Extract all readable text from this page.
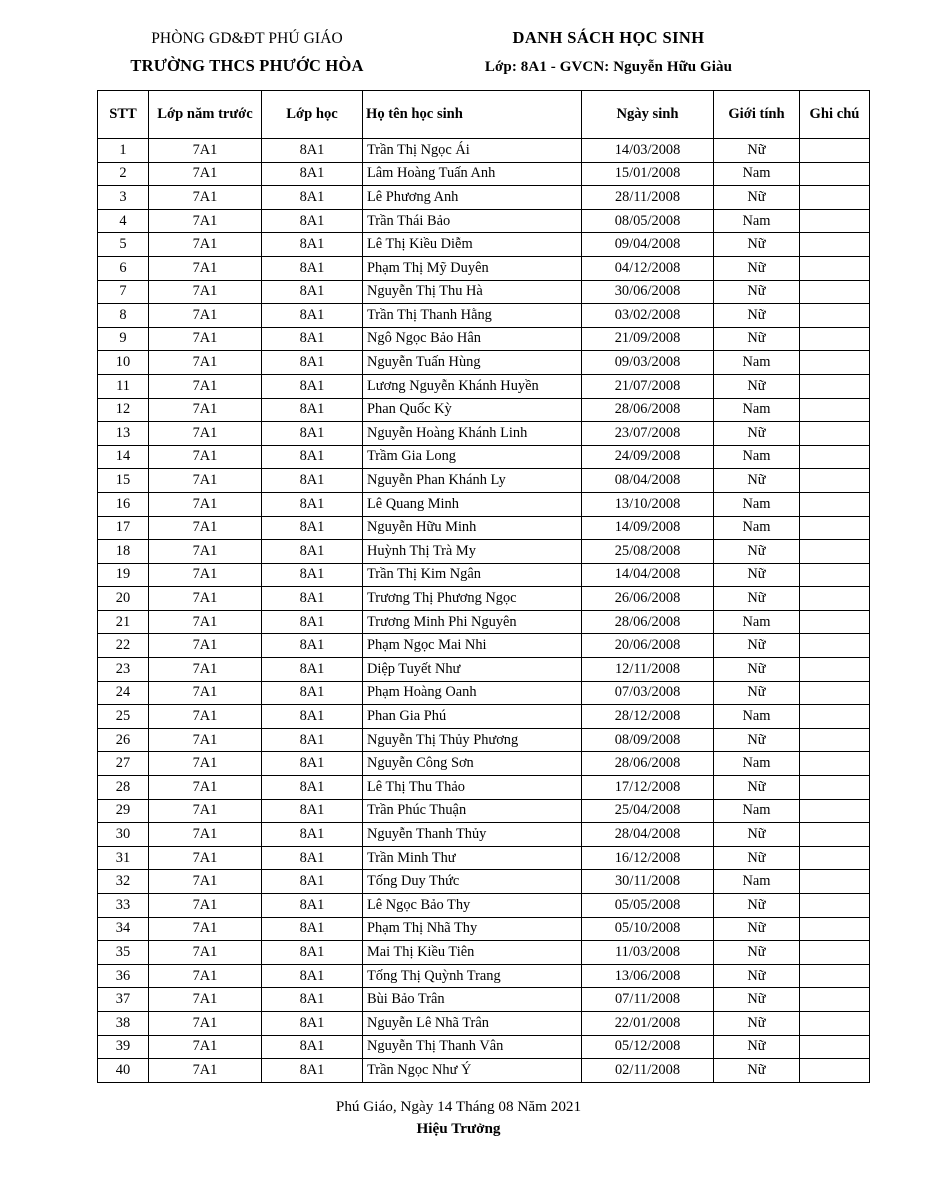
PHÒNG GD&ĐT PHÚ GIÁO	DANH SÁCH HỌC SINH
TRƯỜNG THCS PHƯỚC HÒA	Lớp: 8A1 - GVCN: Nguyễn Hữu Giàu
STT	Lớp năm trước	Lớp học	Họ tên học sinh	Ngày sinh	Giới tính	Ghi chú
1	7A1	8A1	Trần Thị Ngọc Ái	14/03/2008	Nữ	
2	7A1	8A1	Lâm Hoàng Tuấn Anh	15/01/2008	Nam	
3	7A1	8A1	Lê Phương Anh	28/11/2008	Nữ	
4	7A1	8A1	Trần Thái Bảo	08/05/2008	Nam	
5	7A1	8A1	Lê Thị Kiều Diễm	09/04/2008	Nữ	
6	7A1	8A1	Phạm Thị Mỹ Duyên	04/12/2008	Nữ	
7	7A1	8A1	Nguyễn Thị Thu Hà	30/06/2008	Nữ	
8	7A1	8A1	Trần Thị Thanh Hằng	03/02/2008	Nữ	
9	7A1	8A1	Ngô Ngọc Bảo Hân	21/09/2008	Nữ	
10	7A1	8A1	Nguyễn Tuấn Hùng	09/03/2008	Nam	
11	7A1	8A1	Lương Nguyễn Khánh Huyền	21/07/2008	Nữ	
12	7A1	8A1	Phan Quốc Kỳ	28/06/2008	Nam	
13	7A1	8A1	Nguyễn Hoàng Khánh Linh	23/07/2008	Nữ	
14	7A1	8A1	Trầm Gia Long	24/09/2008	Nam	
15	7A1	8A1	Nguyễn Phan Khánh Ly	08/04/2008	Nữ	
16	7A1	8A1	Lê Quang Minh	13/10/2008	Nam	
17	7A1	8A1	Nguyễn Hữu Minh	14/09/2008	Nam	
18	7A1	8A1	Huỳnh Thị Trà My	25/08/2008	Nữ	
19	7A1	8A1	Trần Thị Kim Ngân	14/04/2008	Nữ	
20	7A1	8A1	Trương Thị Phương Ngọc	26/06/2008	Nữ	
21	7A1	8A1	Trương Minh Phi Nguyên	28/06/2008	Nam	
22	7A1	8A1	Phạm Ngọc Mai Nhi	20/06/2008	Nữ	
23	7A1	8A1	Diệp Tuyết Như	12/11/2008	Nữ	
24	7A1	8A1	Phạm Hoàng Oanh	07/03/2008	Nữ	
25	7A1	8A1	Phan Gia Phú	28/12/2008	Nam	
26	7A1	8A1	Nguyễn Thị Thủy Phương	08/09/2008	Nữ	
27	7A1	8A1	Nguyễn Công Sơn	28/06/2008	Nam	
28	7A1	8A1	Lê Thị Thu Thảo	17/12/2008	Nữ	
29	7A1	8A1	Trần Phúc Thuận	25/04/2008	Nam	
30	7A1	8A1	Nguyễn Thanh Thủy	28/04/2008	Nữ	
31	7A1	8A1	Trần Minh Thư	16/12/2008	Nữ	
32	7A1	8A1	Tống Duy Thức	30/11/2008	Nam	
33	7A1	8A1	Lê Ngọc Bảo Thy	05/05/2008	Nữ	
34	7A1	8A1	Phạm Thị Nhã Thy	05/10/2008	Nữ	
35	7A1	8A1	Mai Thị Kiều Tiên	11/03/2008	Nữ	
36	7A1	8A1	Tống Thị Quỳnh Trang	13/06/2008	Nữ	
37	7A1	8A1	Bùi Bảo Trân	07/11/2008	Nữ	
38	7A1	8A1	Nguyễn Lê Nhã Trân	22/01/2008	Nữ	
39	7A1	8A1	Nguyễn Thị Thanh Vân	05/12/2008	Nữ	
40	7A1	8A1	Trần Ngọc Như Ý	02/11/2008	Nữ	
Phú Giáo, Ngày 14 Tháng 08 Năm 2021
Hiệu Trưởng
